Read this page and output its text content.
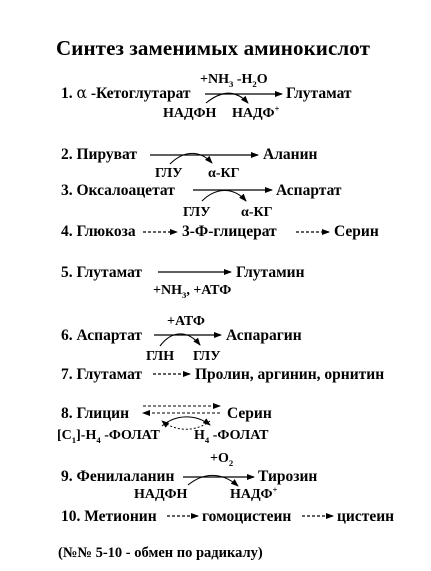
Синтез заменимых аминокислот
$+NH_3$ $-H_2O$
1. α -Кетоглутарат	Глутамат
НАДФН НАДФ+
2. Пируват	Аланин
ГЛУ α-КГ
3. Оксалоацетат	Аспартат
ГЛУ α-КГ
4. Глюкоза	3-Ф-глицерат	Серин
5. Глутамат	Глутамин
$+NH_3$, +АТФ
+АТФ
6. Аспартат	Аспарагин
ГЛН ГЛУ
7. Глутамат	Пролин, аргинин, орнитин
8. Глицин	Серин
$[C_1]-H_4$ -ФОЛАТ $H_4$ -ФОЛАТ
$+O_2$
9. Фенилаланин	Тирозин
НАДФН	НАДФ+
10. Метионин	гомоцистеин	цистеин
(№№ 5-10 - обмен по радикалу)
